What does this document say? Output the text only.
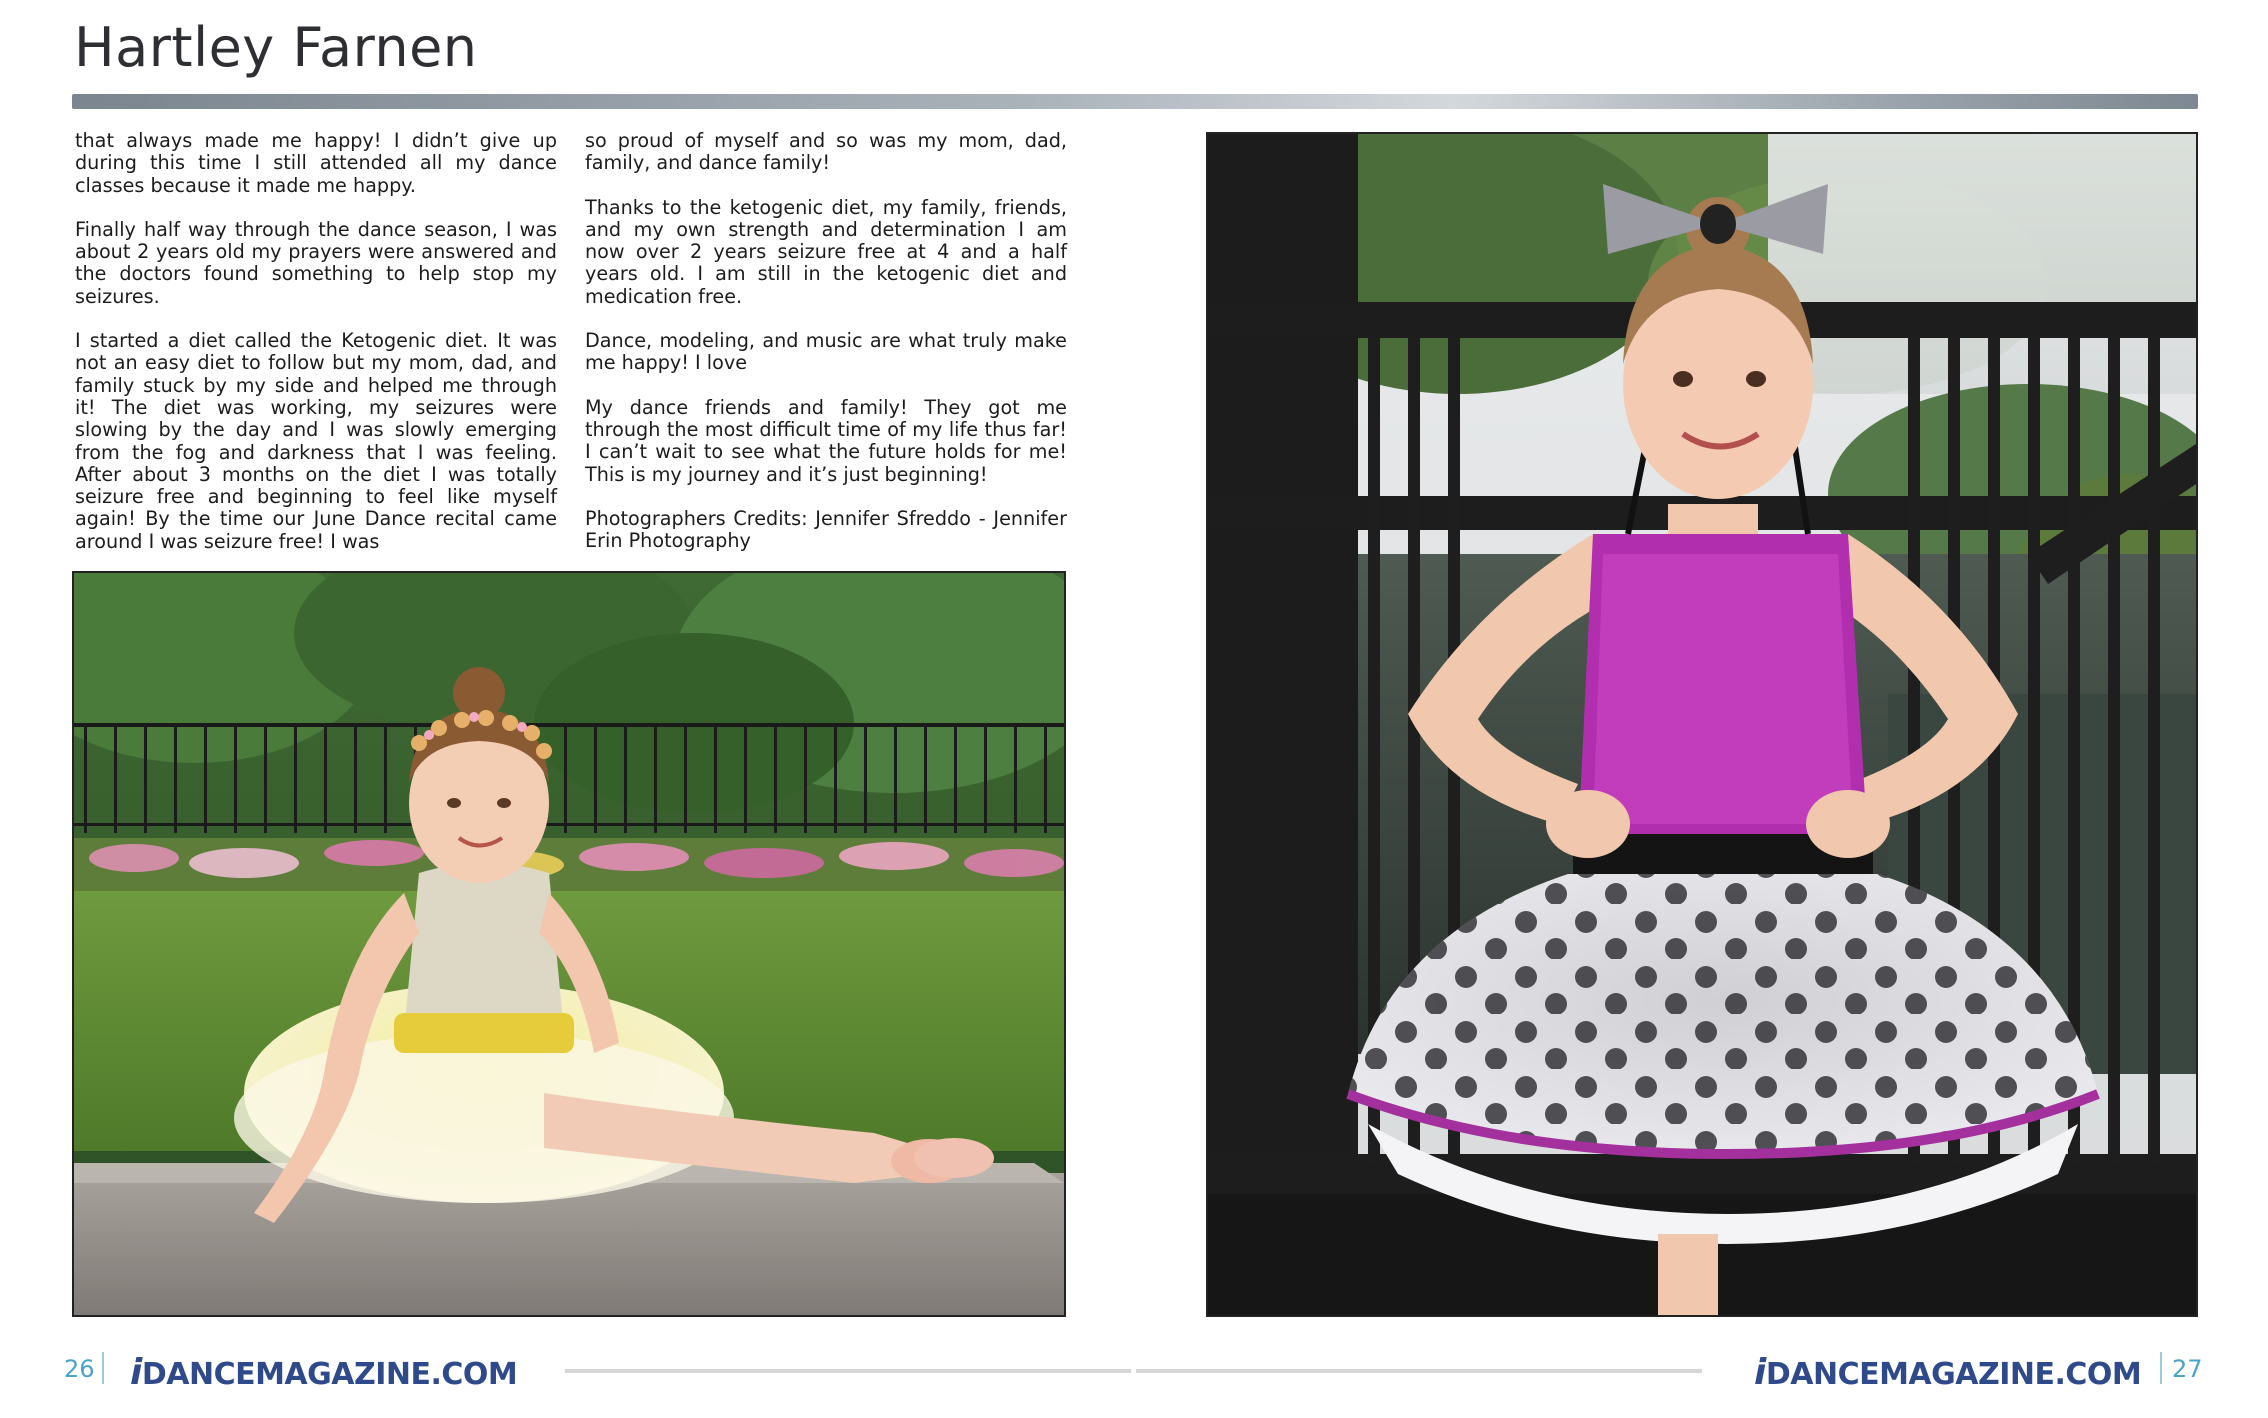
Hartley Farnen

that always made me happy! I didn’t give up during this time I still attended all my dance classes because it made me happy.

Finally half way through the dance season, I was about 2 years old my prayers were answered and the doctors found something to help stop my seizures.

I started a diet called the Ketogenic diet. It was not an easy diet to follow but my mom, dad, and family stuck by my side and helped me through it! The diet was working, my seizures were slowing by the day and I was slowly emerging from the fog and darkness that I was feeling. After about 3 months on the diet I was totally seizure free and beginning to feel like myself again! By the time our June Dance recital came around I was seizure free! I was

so proud of myself and so was my mom, dad, family, and dance family!

Thanks to the ketogenic diet, my family, friends, and my own strength and determination I am now over 2 years seizure free at 4 and a half years old. I am still in the ketogenic diet and medication free.

Dance, modeling, and music are what truly make me happy! I love

My dance friends and family! They got me through the most difficult time of my life thus far! I can’t wait to see what the future holds for me! This is my journey and it’s just beginning!

Photographers Credits: Jennifer Sfreddo - Jennifer Erin Photography

26 iDANCEMAGAZINE.COM	iDANCEMAGAZINE.COM 27
